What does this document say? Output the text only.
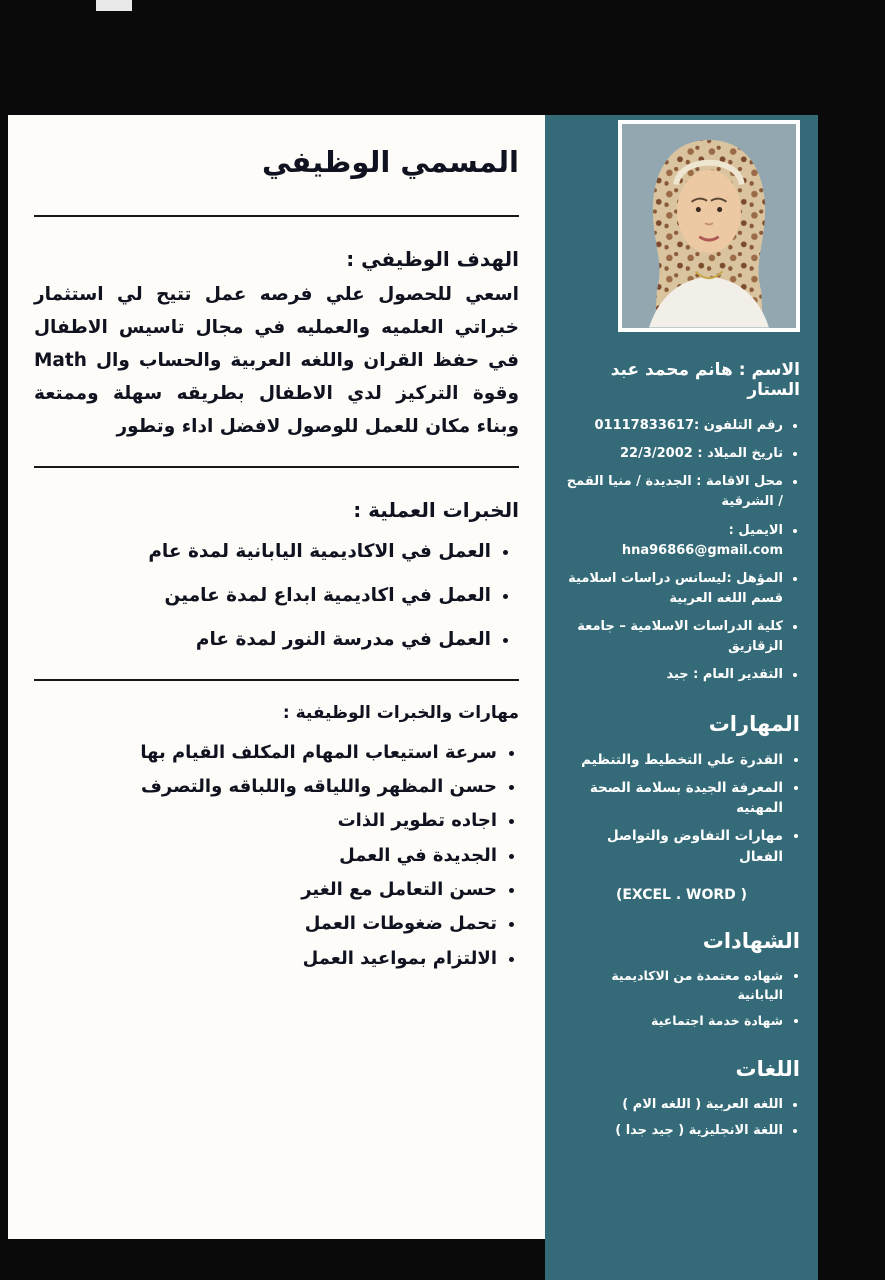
المسمي الوظيفي
الهدف الوظيفي :
اسعي للحصول علي فرصه عمل تتيح لي استثمار خبراتي العلميه والعمليه في مجال تاسيس الاطفال في حفظ القران واللغه العربية والحساب وال Math وقوة التركيز لدي الاطفال بطريقه سهلة وممتعة وبناء مكان للعمل للوصول لافضل اداء وتطور
الخبرات العملية :
• العمل في الاكاديمية اليابانية لمدة عام
• العمل في اكاديمية ابداع لمدة عامين
• العمل في مدرسة النور لمدة عام
مهارات والخبرات الوظيفية :
• سرعة استيعاب المهام المكلف القيام بها
• حسن المظهر واللياقه واللباقه والتصرف
• اجاده تطوير الذات
• الجديدة في العمل
• حسن التعامل مع الغير
• تحمل ضغوطات العمل
• الالتزام بمواعيد العمل
الاسم : هانم محمد عبد الستار
• رقم التلفون :01117833617
• تاريخ الميلاد : 22/3/2002
• محل الاقامة : الجديدة / منيا القمح / الشرقية
• الايميل : hna96866@gmail.com
• المؤهل :ليسانس دراسات اسلامية قسم اللغه العربية
• كلية الدراسات الاسلامية – جامعة الزقازيق
• التقدير العام : جيد
المهارات
• القدرة علي التخطيط والتنظيم
• المعرفة الجيدة بسلامة الصحة المهنيه
• مهارات التفاوض والتواصل الفعال
(EXCEL . WORD )
الشهادات
• شهاده معتمدة من الاكاديمية اليابانية
• شهادة خدمة اجتماعية
اللغات
• اللغه العربية ( اللغه الام )
• اللغة الانجليزية ( جيد جدا )
